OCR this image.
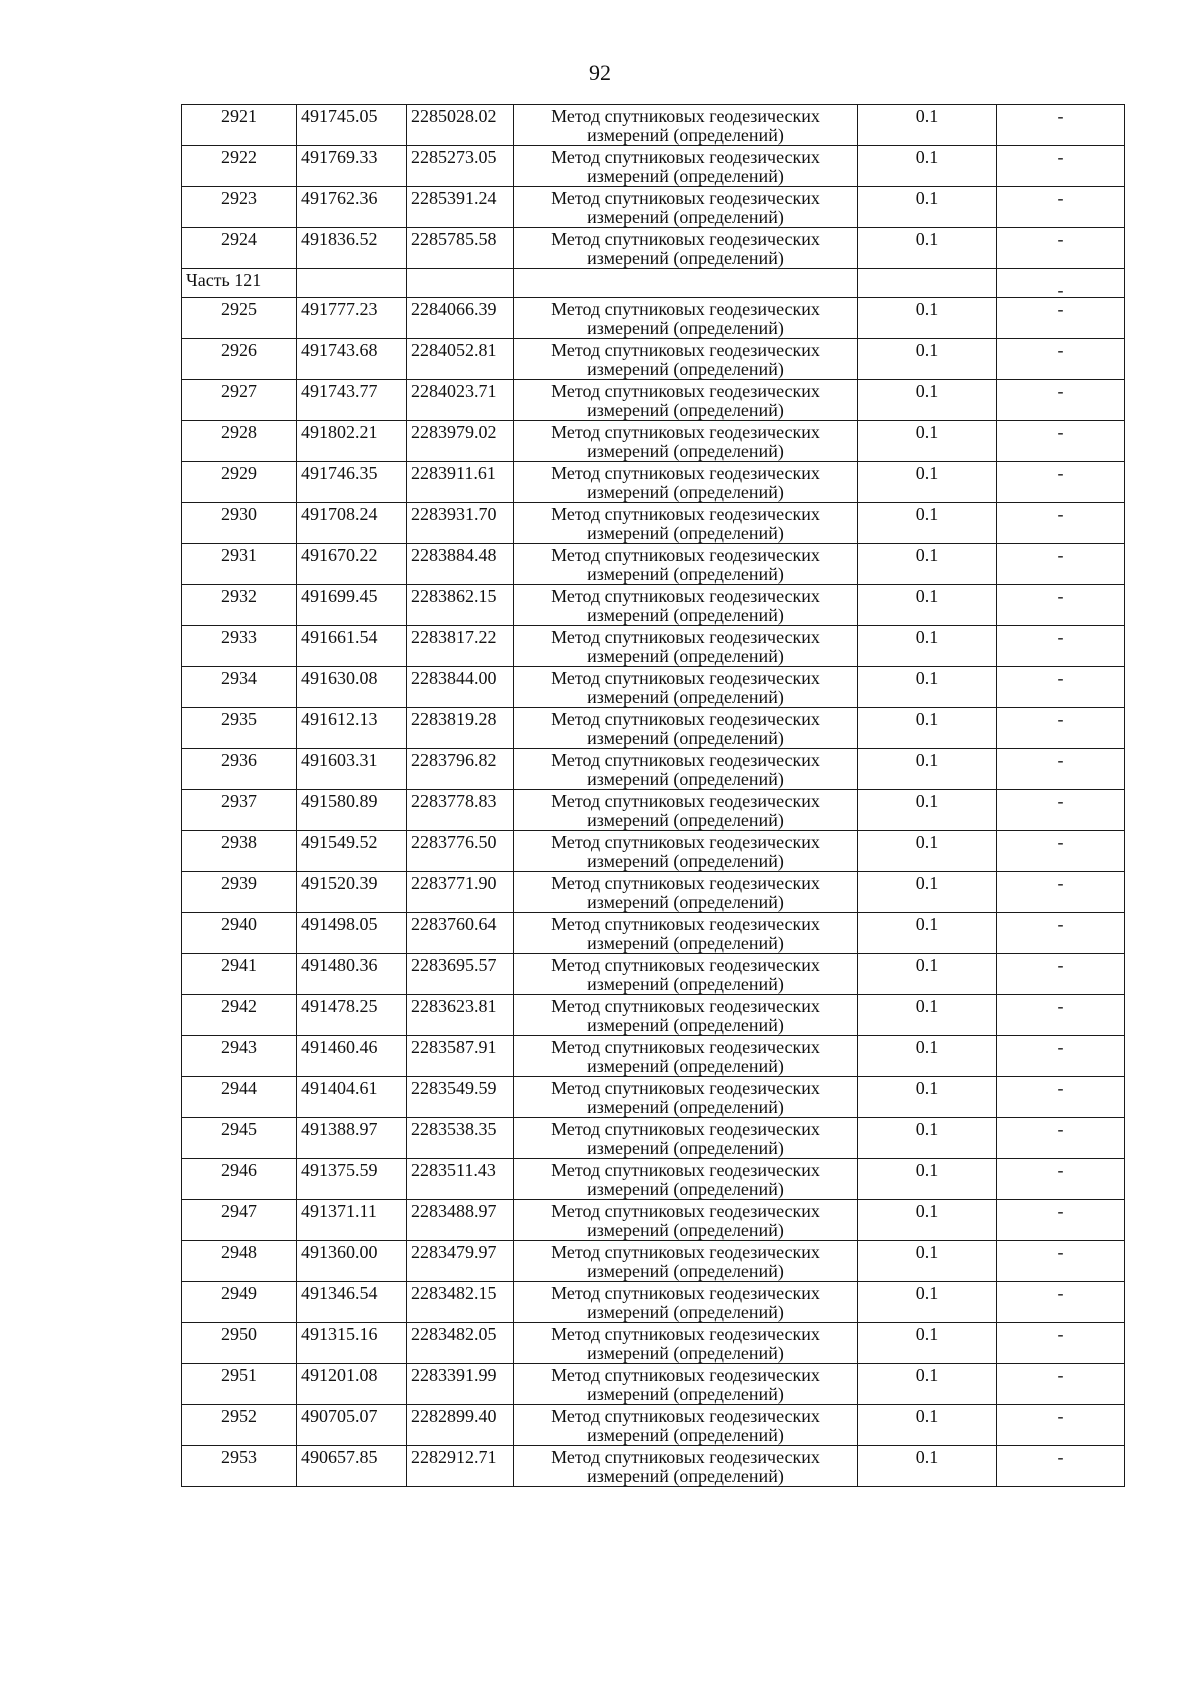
92
2921	491745.05	2285028.02	Метод спутниковых геодезических
измерений (определений)	0.1	-
2922	491769.33	2285273.05	Метод спутниковых геодезических
измерений (определений)	0.1	-
2923	491762.36	2285391.24	Метод спутниковых геодезических
измерений (определений)	0.1	-
2924	491836.52	2285785.58	Метод спутниковых геодезических
измерений (определений)	0.1	-
Часть 121					-
2925	491777.23	2284066.39	Метод спутниковых геодезических
измерений (определений)	0.1	-
2926	491743.68	2284052.81	Метод спутниковых геодезических
измерений (определений)	0.1	-
2927	491743.77	2284023.71	Метод спутниковых геодезических
измерений (определений)	0.1	-
2928	491802.21	2283979.02	Метод спутниковых геодезических
измерений (определений)	0.1	-
2929	491746.35	2283911.61	Метод спутниковых геодезических
измерений (определений)	0.1	-
2930	491708.24	2283931.70	Метод спутниковых геодезических
измерений (определений)	0.1	-
2931	491670.22	2283884.48	Метод спутниковых геодезических
измерений (определений)	0.1	-
2932	491699.45	2283862.15	Метод спутниковых геодезических
измерений (определений)	0.1	-
2933	491661.54	2283817.22	Метод спутниковых геодезических
измерений (определений)	0.1	-
2934	491630.08	2283844.00	Метод спутниковых геодезических
измерений (определений)	0.1	-
2935	491612.13	2283819.28	Метод спутниковых геодезических
измерений (определений)	0.1	-
2936	491603.31	2283796.82	Метод спутниковых геодезических
измерений (определений)	0.1	-
2937	491580.89	2283778.83	Метод спутниковых геодезических
измерений (определений)	0.1	-
2938	491549.52	2283776.50	Метод спутниковых геодезических
измерений (определений)	0.1	-
2939	491520.39	2283771.90	Метод спутниковых геодезических
измерений (определений)	0.1	-
2940	491498.05	2283760.64	Метод спутниковых геодезических
измерений (определений)	0.1	-
2941	491480.36	2283695.57	Метод спутниковых геодезических
измерений (определений)	0.1	-
2942	491478.25	2283623.81	Метод спутниковых геодезических
измерений (определений)	0.1	-
2943	491460.46	2283587.91	Метод спутниковых геодезических
измерений (определений)	0.1	-
2944	491404.61	2283549.59	Метод спутниковых геодезических
измерений (определений)	0.1	-
2945	491388.97	2283538.35	Метод спутниковых геодезических
измерений (определений)	0.1	-
2946	491375.59	2283511.43	Метод спутниковых геодезических
измерений (определений)	0.1	-
2947	491371.11	2283488.97	Метод спутниковых геодезических
измерений (определений)	0.1	-
2948	491360.00	2283479.97	Метод спутниковых геодезических
измерений (определений)	0.1	-
2949	491346.54	2283482.15	Метод спутниковых геодезических
измерений (определений)	0.1	-
2950	491315.16	2283482.05	Метод спутниковых геодезических
измерений (определений)	0.1	-
2951	491201.08	2283391.99	Метод спутниковых геодезических
измерений (определений)	0.1	-
2952	490705.07	2282899.40	Метод спутниковых геодезических
измерений (определений)	0.1	-
2953	490657.85	2282912.71	Метод спутниковых геодезических
измерений (определений)	0.1	-
